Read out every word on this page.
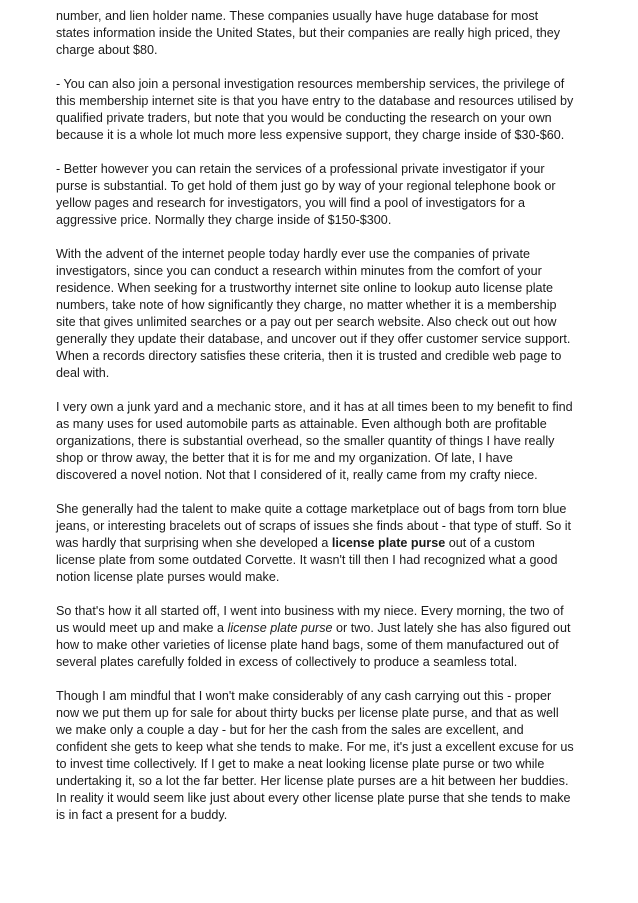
number, and lien holder name. These companies usually have huge database for most
states information inside the United States, but their companies are really high priced, they
charge about $80.

- You can also join a personal investigation resources membership services, the privilege of
this membership internet site is that you have entry to the database and resources utilised by
qualified private traders, but note that you would be conducting the research on your own
because it is a whole lot much more less expensive support, they charge inside of $30-$60.

- Better however you can retain the services of a professional private investigator if your
purse is substantial. To get hold of them just go by way of your regional telephone book or
yellow pages and research for investigators, you will find a pool of investigators for a
aggressive price. Normally they charge inside of $150-$300.

With the advent of the internet people today hardly ever use the companies of private
investigators, since you can conduct a research within minutes from the comfort of your
residence. When seeking for a trustworthy internet site online to lookup auto license plate
numbers, take note of how significantly they charge, no matter whether it is a membership
site that gives unlimited searches or a pay out per search website. Also check out out how
generally they update their database, and uncover out if they offer customer service support.
When a records directory satisfies these criteria, then it is trusted and credible web page to
deal with.

I very own a junk yard and a mechanic store, and it has at all times been to my benefit to find
as many uses for used automobile parts as attainable. Even although both are profitable
organizations, there is substantial overhead, so the smaller quantity of things I have really
shop or throw away, the better that it is for me and my organization. Of late, I have
discovered a novel notion. Not that I considered of it, really came from my crafty niece.

She generally had the talent to make quite a cottage marketplace out of bags from torn blue
jeans, or interesting bracelets out of scraps of issues she finds about - that type of stuff. So it
was hardly that surprising when she developed a license plate purse out of a custom
license plate from some outdated Corvette. It wasn't till then I had recognized what a good
notion license plate purses would make.

So that's how it all started off, I went into business with my niece. Every morning, the two of
us would meet up and make a license plate purse or two. Just lately she has also figured out
how to make other varieties of license plate hand bags, some of them manufactured out of
several plates carefully folded in excess of collectively to produce a seamless total.

Though I am mindful that I won't make considerably of any cash carrying out this - proper
now we put them up for sale for about thirty bucks per license plate purse, and that as well
we make only a couple a day - but for her the cash from the sales are excellent, and
confident she gets to keep what she tends to make. For me, it's just a excellent excuse for us
to invest time collectively. If I get to make a neat looking license plate purse or two while
undertaking it, so a lot the far better. Her license plate purses are a hit between her buddies.
In reality it would seem like just about every other license plate purse that she tends to make
is in fact a present for a buddy.
